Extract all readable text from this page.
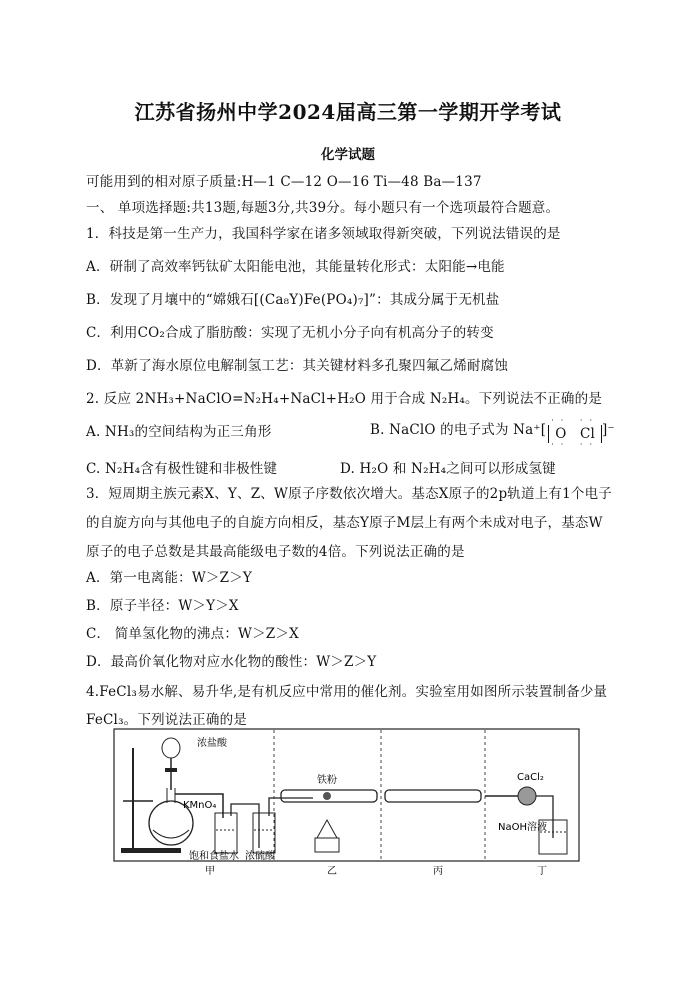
江苏省扬州中学2024届高三第一学期开学考试
化学试题
可能用到的相对原子质量:H—1 C—12 O—16 Ti—48 Ba—137
一、 单项选择题:共13题,每题3分,共39分。每小题只有一个选项最符合题意。
1．科技是第一生产力，我国科学家在诸多领域取得新突破，下列说法错误的是
A．研制了高效率钙钛矿太阳能电池，其能量转化形式：太阳能→电能
B．发现了月壤中的“嫦娥石[(Ca₈Y)Fe(PO₄)₇]”：其成分属于无机盐
C．利用CO₂合成了脂肪酸：实现了无机小分子向有机高分子的转变
D．革新了海水原位电解制氢工艺：其关键材料多孔聚四氟乙烯耐腐蚀
2. 反应 2NH₃+NaClO=N₂H₄+NaCl+H₂O 用于合成 N₂H₄。下列说法不正确的是
A. NH₃的空间结构为正三角形	B. NaClO 的电子式为 Na⁺[
·· ··
O Cl
·· ··
]⁻
C. N₂H₄含有极性键和非极性键	D. H₂O 和 N₂H₄之间可以形成氢键
3．短周期主族元素X、Y、Z、W原子序数依次增大。基态X原子的2p轨道上有1个电子
的自旋方向与其他电子的自旋方向相反，基态Y原子M层上有两个未成对电子，基态W
原子的电子总数是其最高能级电子数的4倍。下列说法正确的是
A．第一电离能：W＞Z＞Y
B．原子半径：W＞Y＞X
C． 简单氢化物的沸点：W＞Z＞X
D．最高价氧化物对应水化物的酸性：W＞Z＞Y
4.FeCl₃易水解、易升华,是有机反应中常用的催化剂。实验室用如图所示装置制备少量
FeCl₃。下列说法正确的是
浓盐酸
KMnO₄
铁粉	CaCl₂
NaOH溶液
饱和食盐水 浓硫酸
甲	乙	丙	丁
